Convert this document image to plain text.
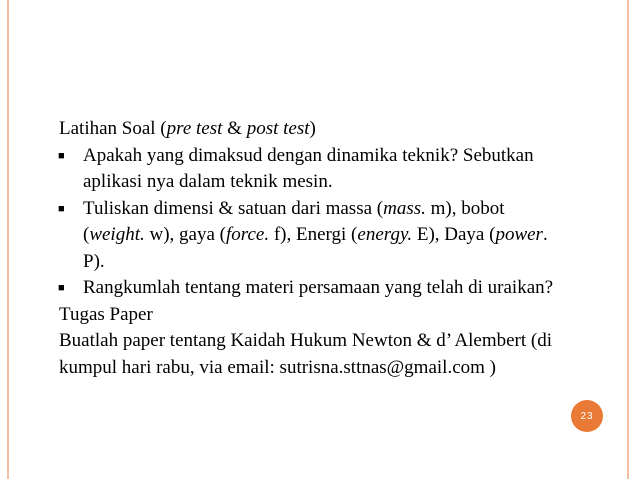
Latihan Soal (pre test & post test)
■ Apakah yang dimaksud dengan dinamika teknik? Sebutkan aplikasi nya dalam teknik mesin.
■ Tuliskan dimensi & satuan dari massa (mass. m), bobot (weight. w), gaya (force. f), Energi (energy. E), Daya (power. P).
■ Rangkumlah tentang materi persamaan yang telah di uraikan?
Tugas Paper
Buatlah paper tentang Kaidah Hukum Newton & d’ Alembert (di kumpul hari rabu, via email: sutrisna.sttnas@gmail.com )
23
